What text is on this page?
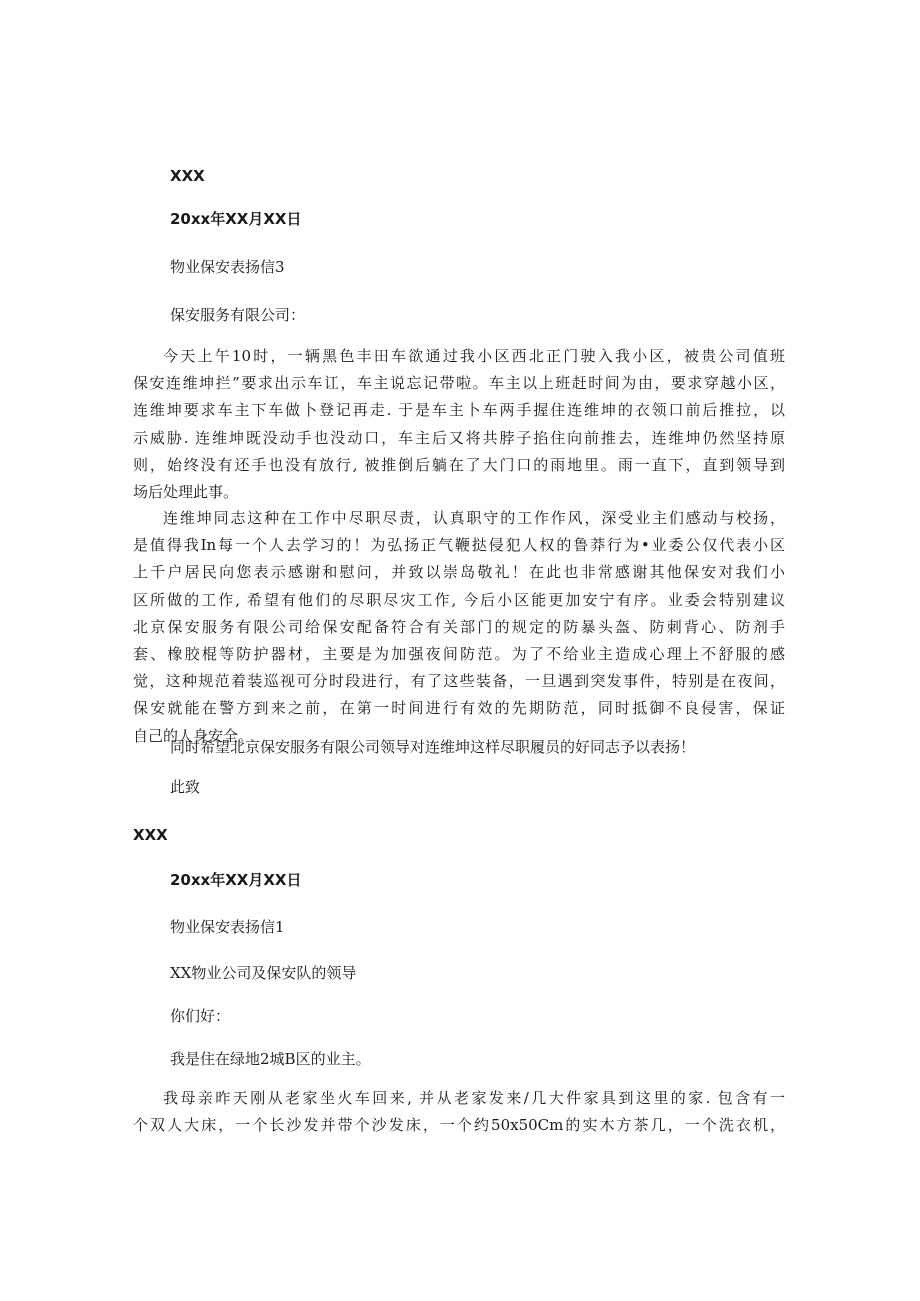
XXX

20xx年XX月XX日

物业保安表扬信3

保安服务有限公司：

今天上午10时，一辆黑色丰田车欲通过我小区西北正门驶入我小区，被贵公司值班
保安连维坤拦”要求出示车讧，车主说忘记带啦。车主以上班赶时间为由，要求穿越小区，
连维坤要求车主下车做卜登记再走. 于是车主卜车两手握住连维坤的衣领口前后推拉，以
示威胁. 连维坤既没动手也没动口，车主后又将共脖子掐住向前推去，连维坤仍然坚持原
则，始终没有还手也没有放行, 被推倒后躺在了大门口的雨地里。雨一直下，直到领导到
场后处理此事。
连维坤同志这种在工作中尽职尽责，认真职守的工作作风，深受业主们感动与校扬，
是值得我In每一个人去学习的！为弘扬正气鞭挞侵犯人权的鲁莽行为•业委公仅代表小区
上千户居民向您表示感谢和慰问，并致以崇岛敬礼！在此也非常感谢其他保安对我们小
区所做的工作, 希望有他们的尽职尽灾工作, 今后小区能更加安宁有序。业委会特别建议
北京保安服务有限公司给保安配备符合有关部门的规定的防暴头盔、防刺背心、防剂手
套、橡胶棍等防护器材，主要是为加强夜间防范。为了不给业主造成心理上不舒服的感
觉，这种规范着装巡视可分时段进行，有了这些装备，一旦遇到突发事件，特别是在夜间，
保安就能在警方到来之前，在第一时间进行有效的先期防范，同时抵御不良侵害，保证
自己的人身安全。

同时希望北京保安服务有限公司领导对连维坤这样尽职履员的好同志予以表扬！

此致

XXX

20xx年XX月XX日

物业保安表扬信1

XX物业公司及保安队的领导

你们好：

我是住在绿地2城B区的业主。

我母亲昨天刚从老家坐火车回来, 并从老家发来/几大件家具到这里的家. 包含有一
个双人大床，一个长沙发并带个沙发床，一个约50x50Cm的实木方茶几，一个洗衣机，
